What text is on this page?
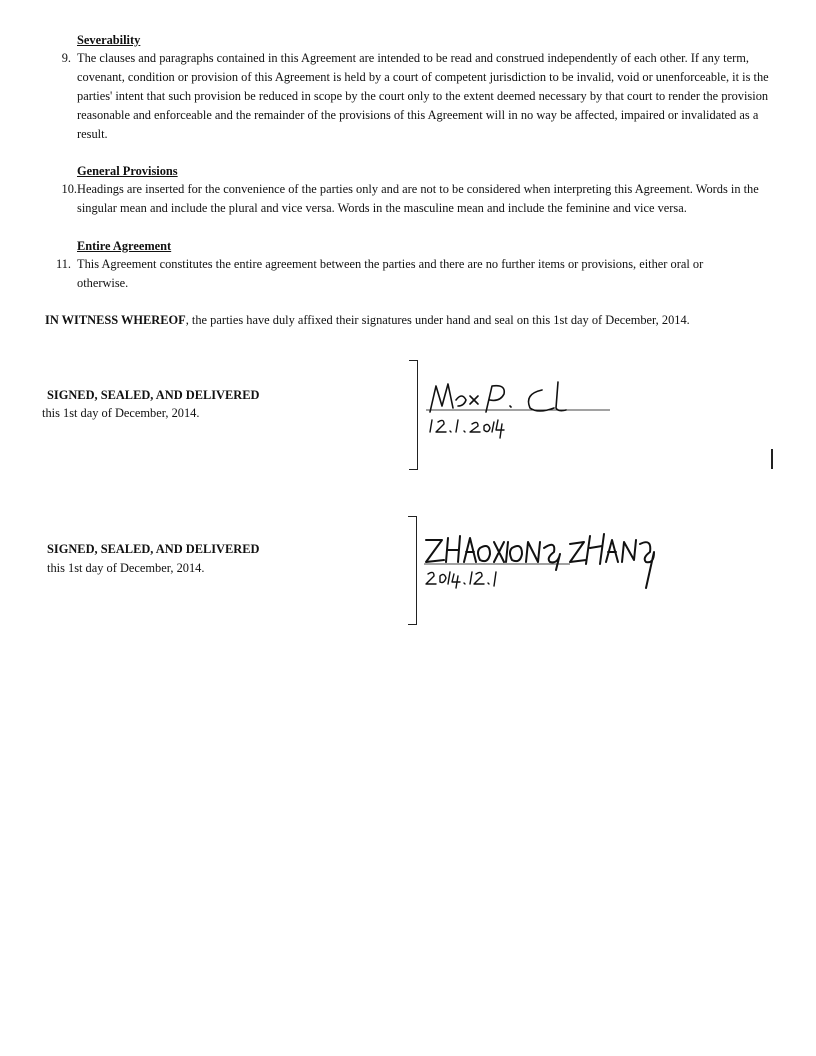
Severability
9. The clauses and paragraphs contained in this Agreement are intended to be read and construed independently of each other. If any term, covenant, condition or provision of this Agreement is held by a court of competent jurisdiction to be invalid, void or unenforceable, it is the parties' intent that such provision be reduced in scope by the court only to the extent deemed necessary by that court to render the provision reasonable and enforceable and the remainder of the provisions of this Agreement will in no way be affected, impaired or invalidated as a result.
General Provisions
10. Headings are inserted for the convenience of the parties only and are not to be considered when interpreting this Agreement. Words in the singular mean and include the plural and vice versa. Words in the masculine mean and include the feminine and vice versa.
Entire Agreement
11. This Agreement constitutes the entire agreement between the parties and there are no further items or provisions, either oral or otherwise.
IN WITNESS WHEREOF, the parties have duly affixed their signatures under hand and seal on this 1st day of December, 2014.
SIGNED, SEALED, AND DELIVERED
this 1st day of December, 2014.
SIGNED, SEALED, AND DELIVERED
this 1st day of December, 2014.
